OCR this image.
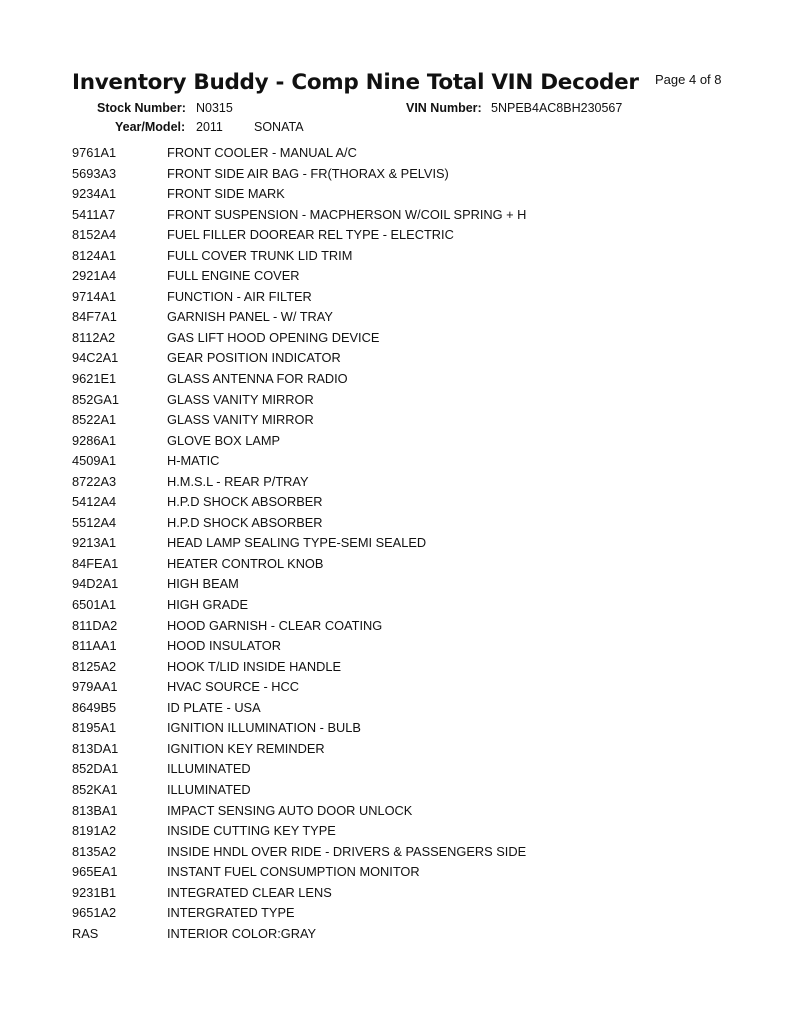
Inventory Buddy - Comp Nine Total VIN Decoder Page 4 of 8
Stock Number: N0315	VIN Number: 5NPEB4AC8BH230567
Year/Model: 2011 SONATA
9761A1	FRONT COOLER - MANUAL A/C
5693A3	FRONT SIDE AIR BAG - FR(THORAX & PELVIS)
9234A1	FRONT SIDE MARK
5411A7	FRONT SUSPENSION - MACPHERSON W/COIL SPRING + H
8152A4	FUEL FILLER DOOREAR REL TYPE - ELECTRIC
8124A1	FULL COVER TRUNK LID TRIM
2921A4	FULL ENGINE COVER
9714A1	FUNCTION - AIR FILTER
84F7A1	GARNISH PANEL - W/ TRAY
8112A2	GAS LIFT HOOD OPENING DEVICE
94C2A1	GEAR POSITION INDICATOR
9621E1	GLASS ANTENNA FOR RADIO
852GA1	GLASS VANITY MIRROR
8522A1	GLASS VANITY MIRROR
9286A1	GLOVE BOX LAMP
4509A1	H-MATIC
8722A3	H.M.S.L - REAR P/TRAY
5412A4	H.P.D SHOCK ABSORBER
5512A4	H.P.D SHOCK ABSORBER
9213A1	HEAD LAMP SEALING TYPE-SEMI SEALED
84FEA1	HEATER CONTROL KNOB
94D2A1	HIGH BEAM
6501A1	HIGH GRADE
811DA2	HOOD GARNISH - CLEAR COATING
811AA1	HOOD INSULATOR
8125A2	HOOK T/LID INSIDE HANDLE
979AA1	HVAC SOURCE - HCC
8649B5	ID PLATE - USA
8195A1	IGNITION ILLUMINATION - BULB
813DA1	IGNITION KEY REMINDER
852DA1	ILLUMINATED
852KA1	ILLUMINATED
813BA1	IMPACT SENSING AUTO DOOR UNLOCK
8191A2	INSIDE CUTTING KEY TYPE
8135A2	INSIDE HNDL OVER RIDE - DRIVERS & PASSENGERS SIDE
965EA1	INSTANT FUEL CONSUMPTION MONITOR
9231B1	INTEGRATED CLEAR LENS
9651A2	INTERGRATED TYPE
RAS	INTERIOR COLOR:GRAY
